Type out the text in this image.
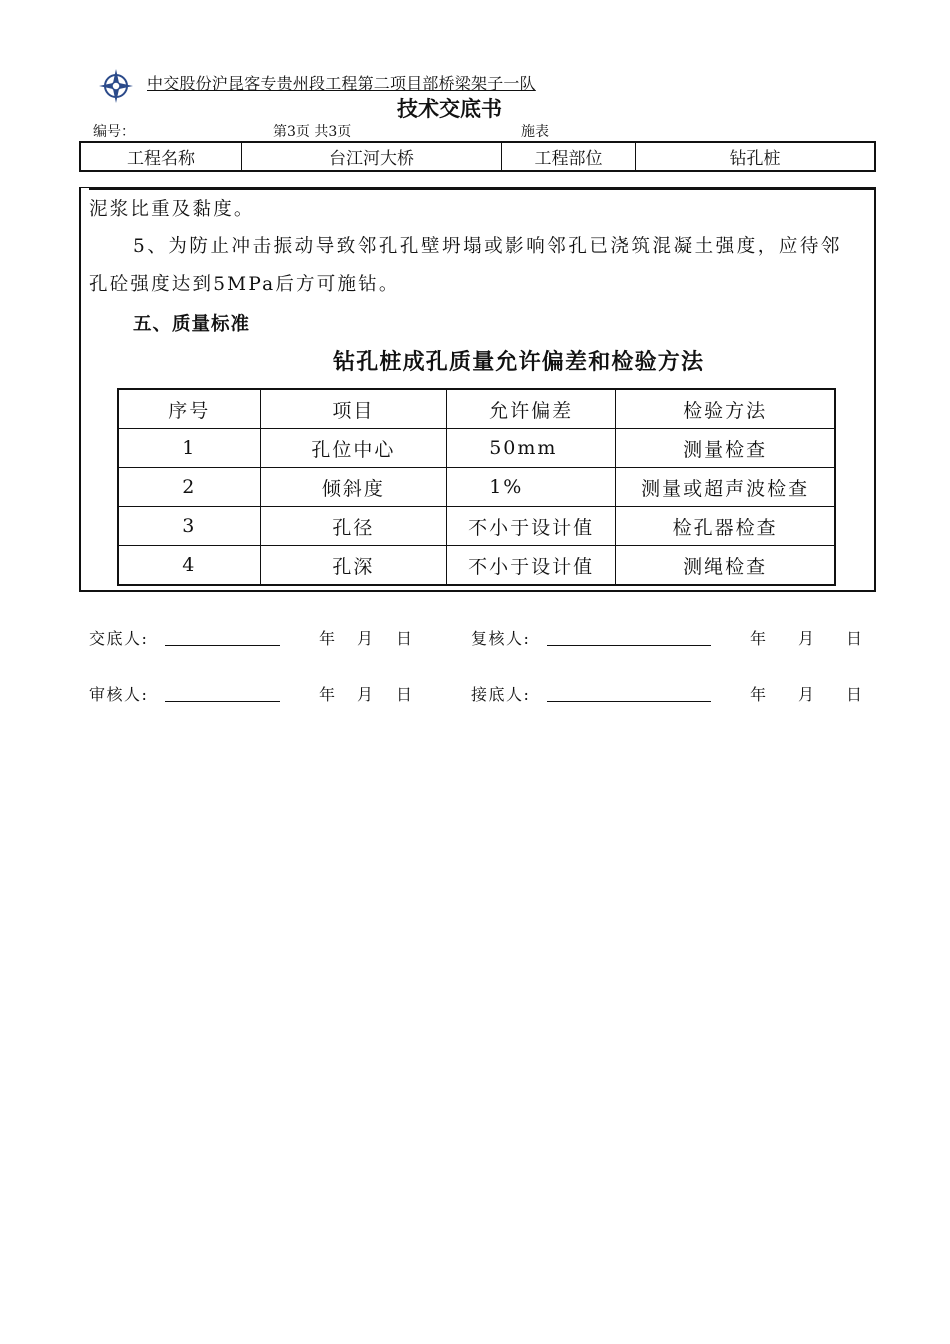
中交股份沪昆客专贵州段工程第二项目部桥梁架子一队
技术交底书
编号：	第3页 共3页	施表
工程名称	台江河大桥	工程部位	钻孔桩
泥浆比重及黏度。
5、为防止冲击振动导致邻孔孔壁坍塌或影响邻孔已浇筑混凝土强度，应待邻
孔砼强度达到5MPa后方可施钻。
五、质量标准
钻孔桩成孔质量允许偏差和检验方法
序号	项目	允许偏差	检验方法
1	孔位中心	50mm	测量检查
2	倾斜度	1%	测量或超声波检查
3	孔径	不小于设计值	检孔器检查
4	孔深	不小于设计值	测绳检查
交底人:	年 月 日	复核人:	年 月 日
审核人:	年 月 日	接底人:	年 月 日
